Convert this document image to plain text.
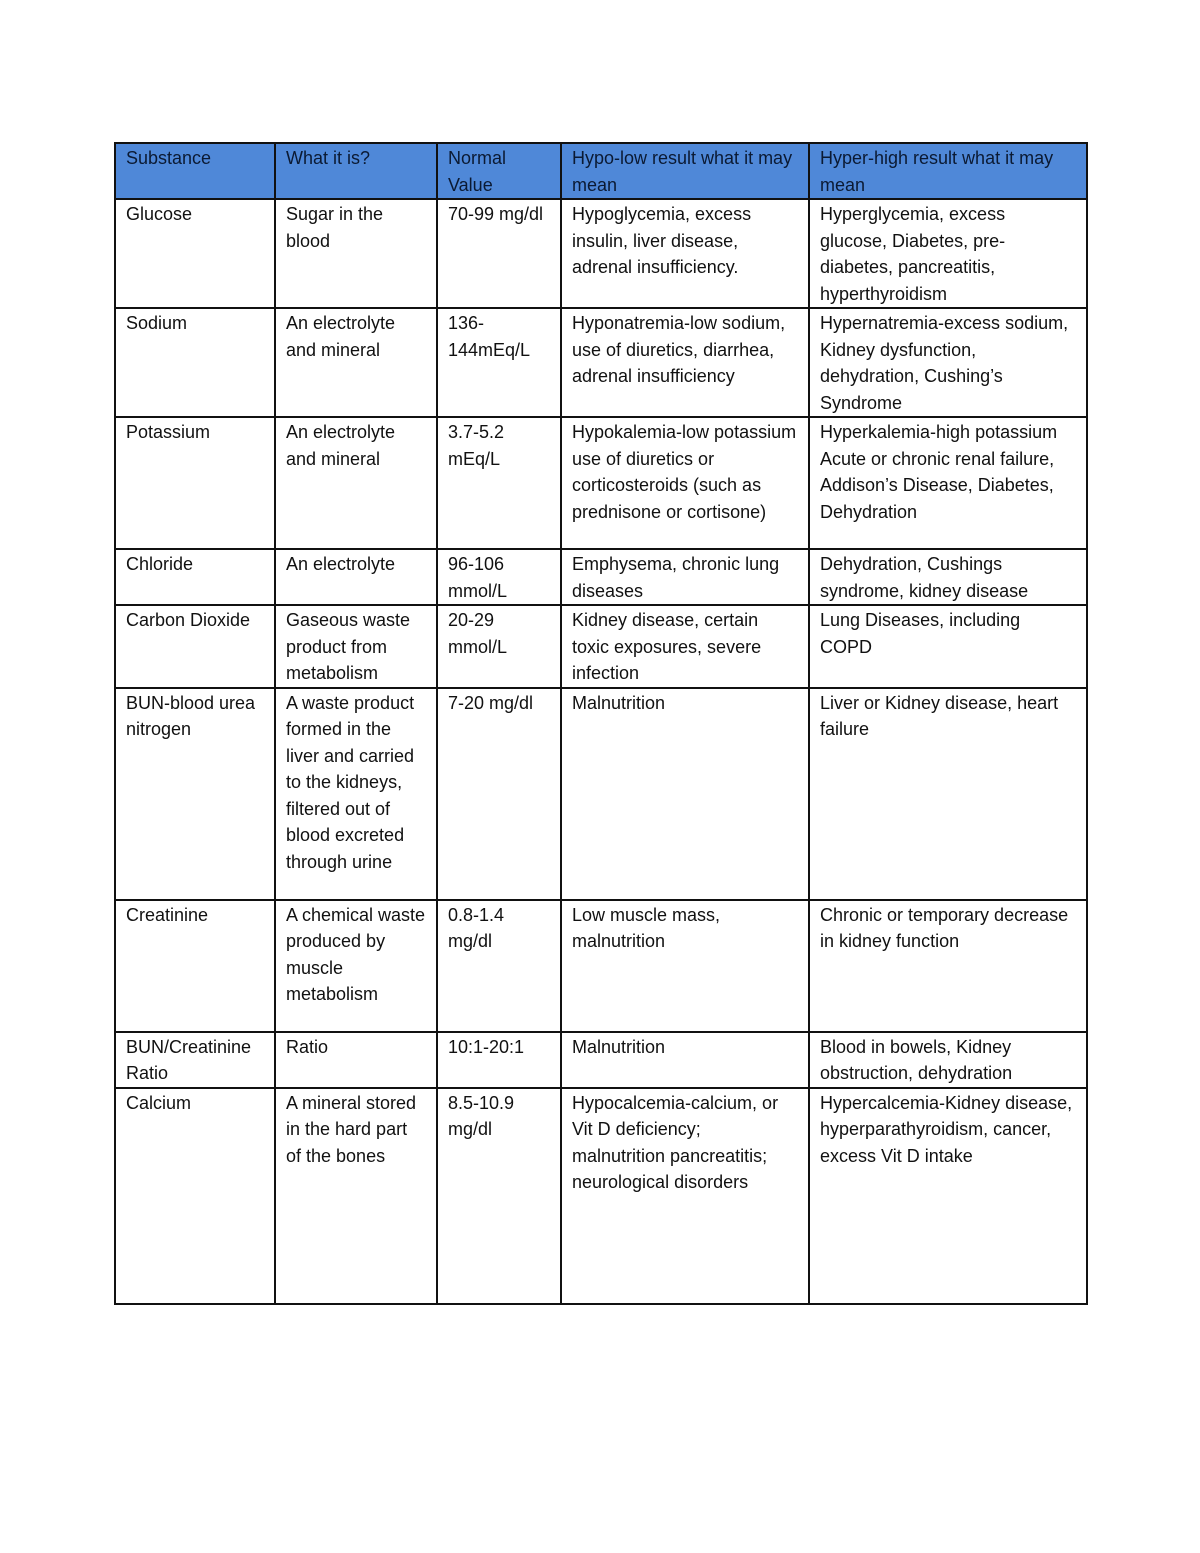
Substance	What it is?	Normal Value	Hypo-low result what it may mean	Hyper-high result what it may mean
Glucose	Sugar in the blood	70-99 mg/dl	Hypoglycemia, excess insulin, liver disease, adrenal insufficiency.	Hyperglycemia, excess glucose, Diabetes, pre-diabetes, pancreatitis, hyperthyroidism
Sodium	An electrolyte and mineral	136-144mEq/L	Hyponatremia-low sodium, use of diuretics, diarrhea, adrenal insufficiency	Hypernatremia-excess sodium, Kidney dysfunction, dehydration, Cushing’s Syndrome
Potassium	An electrolyte and mineral	3.7-5.2 mEq/L	Hypokalemia-low potassium use of diuretics or corticosteroids (such as prednisone or cortisone)	Hyperkalemia-high potassium Acute or chronic renal failure, Addison’s Disease, Diabetes, Dehydration
Chloride	An electrolyte	96-106 mmol/L	Emphysema, chronic lung diseases	Dehydration, Cushings syndrome, kidney disease
Carbon Dioxide	Gaseous waste product from metabolism	20-29 mmol/L	Kidney disease, certain toxic exposures, severe infection	Lung Diseases, including COPD
BUN-blood urea nitrogen	A waste product formed in the liver and carried to the kidneys, filtered out of blood excreted through urine	7-20 mg/dl	Malnutrition	Liver or Kidney disease, heart failure
Creatinine	A chemical waste produced by muscle metabolism	0.8-1.4 mg/dl	Low muscle mass, malnutrition	Chronic or temporary decrease in kidney function
BUN/Creatinine Ratio	Ratio	10:1-20:1	Malnutrition	Blood in bowels, Kidney obstruction, dehydration
Calcium	A mineral stored in the hard part of the bones	8.5-10.9 mg/dl	Hypocalcemia-calcium, or Vit D deficiency; malnutrition pancreatitis; neurological disorders	Hypercalcemia-Kidney disease, hyperparathyroidism, cancer, excess Vit D intake
